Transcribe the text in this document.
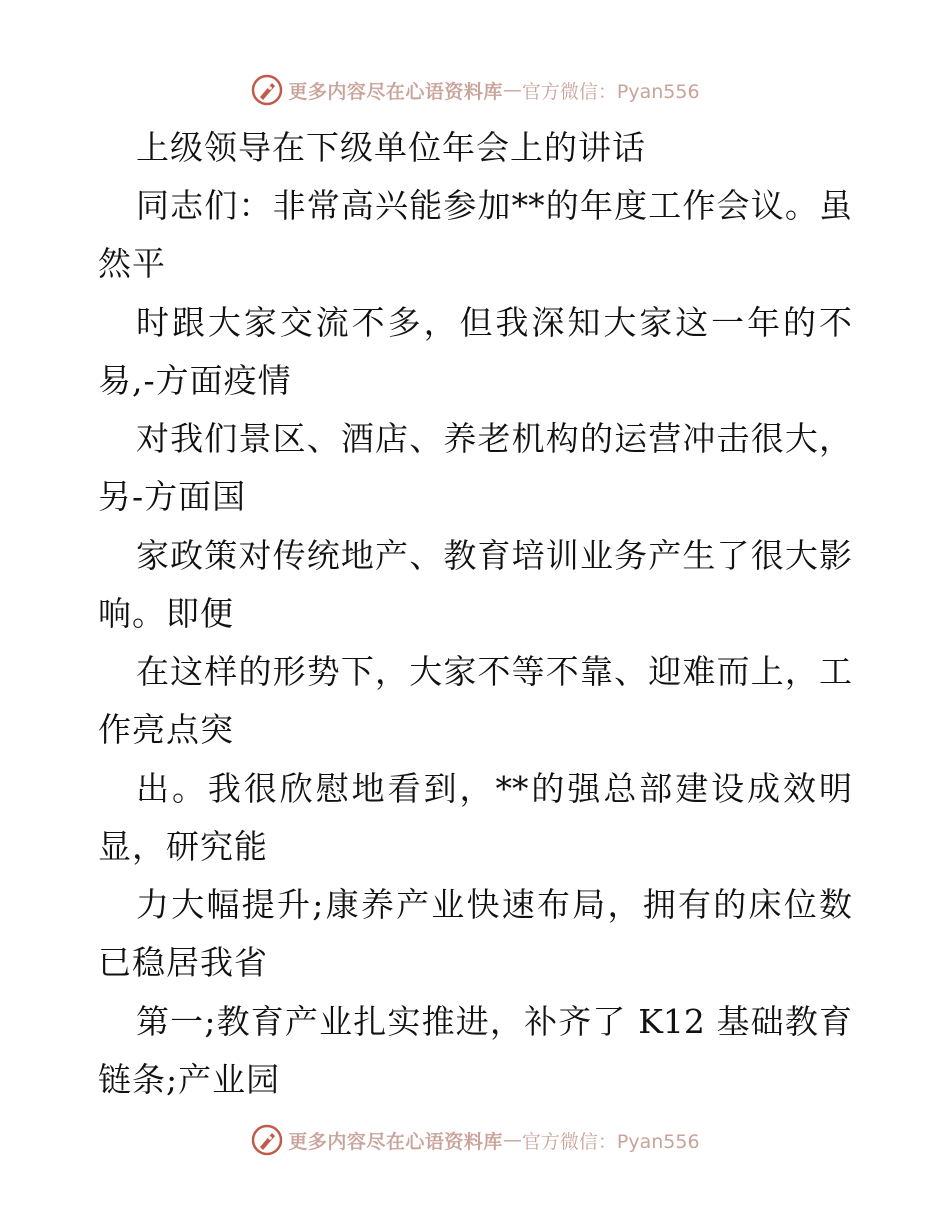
更多内容尽在心语资料库 — 官方微信：Pyan556
上级领导在下级单位年会上的讲话
同志们：非常高兴能参加**的年度工作会议。虽
然平
时跟大家交流不多，但我深知大家这一年的不
易,-方面疫情
对我们景区、酒店、养老机构的运营冲击很大，
另-方面国
家政策对传统地产、教育培训业务产生了很大影
响。即便
在这样的形势下，大家不等不靠、迎难而上，工
作亮点突
出。我很欣慰地看到，**的强总部建设成效明
显，研究能
力大幅提升;康养产业快速布局，拥有的床位数
已稳居我省
第一;教育产业扎实推进，补齐了 K12 基础教育
链条;产业园
更多内容尽在心语资料库 — 官方微信：Pyan556
